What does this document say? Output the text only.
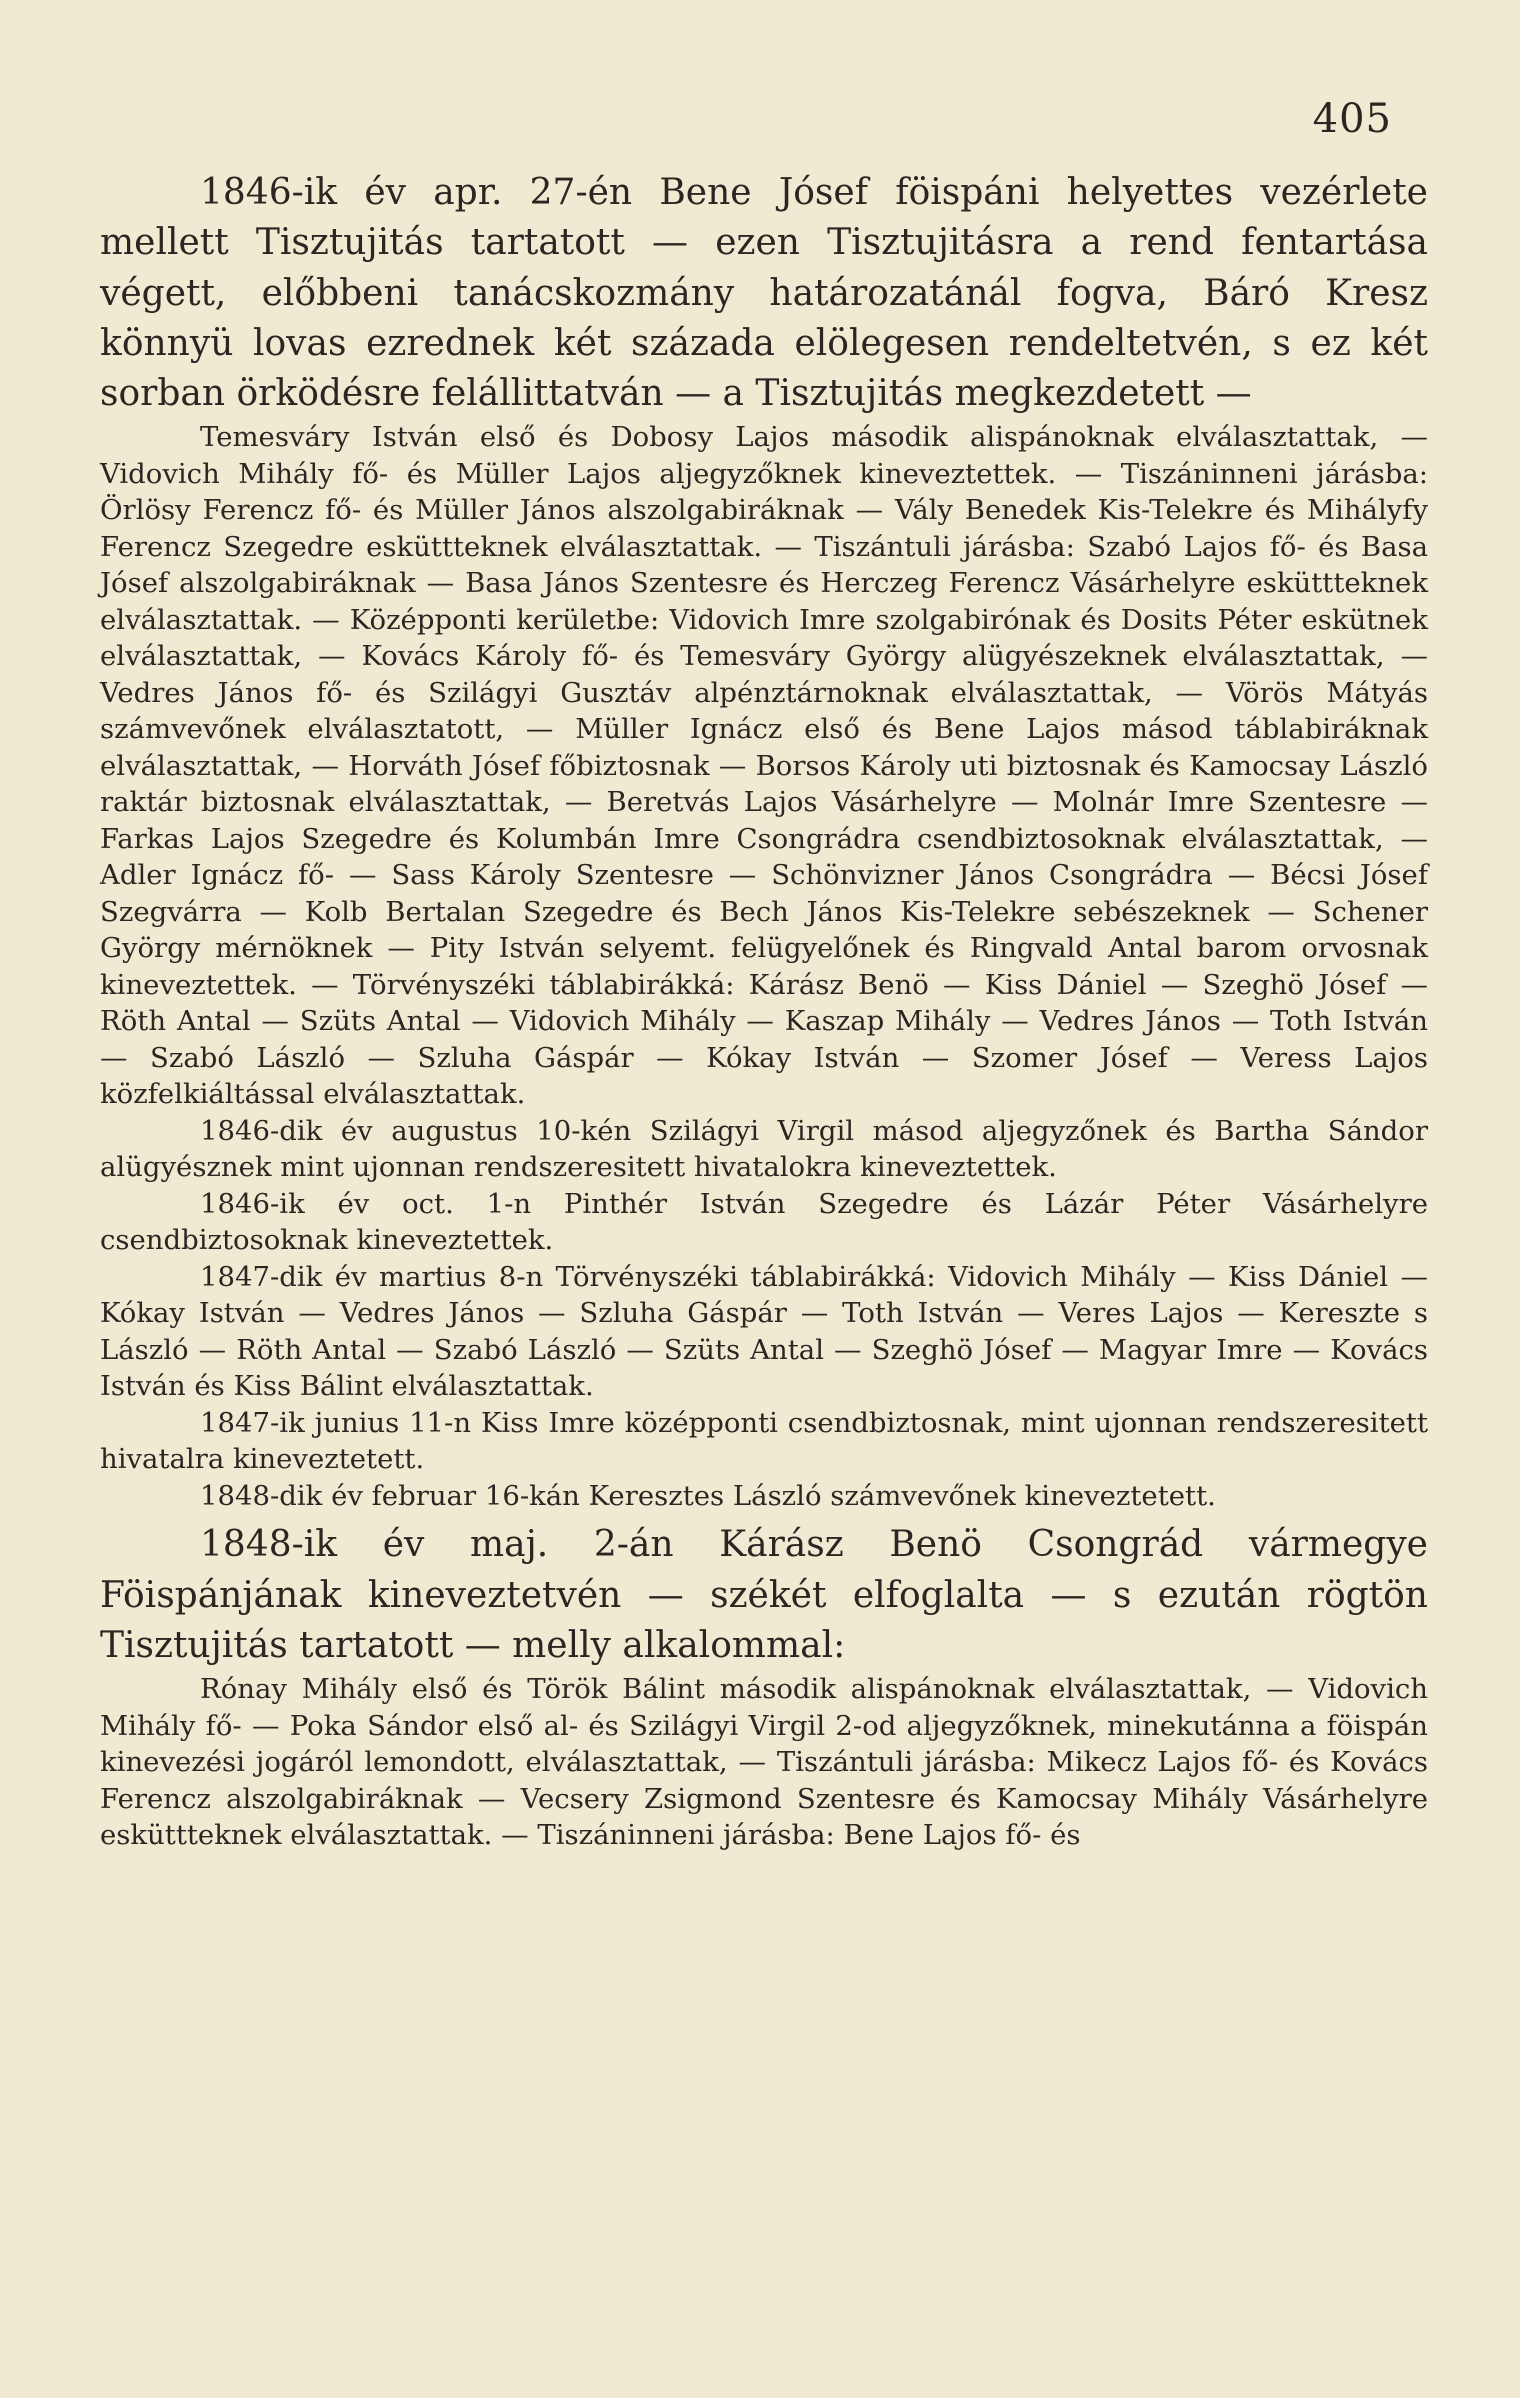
405

1846-ik év apr. 27-én Bene Jósef föispáni helyettes vezérlete mellett Tisztujitás tartatott — ezen Tisztujitásra a rend fentartása végett, előbbeni tanácskozmány határozatánál fogva, Báró Kresz könnyü lovas ezrednek két százada elölegesen rendeltetvén, s ez két sorban örködésre felállittatván — a Tisztujitás megkezdetett —

Temesváry István első és Dobosy Lajos második alispánoknak elválasztattak, — Vidovich Mihály fő- és Müller Lajos aljegyzőknek kineveztettek. — Tiszáninneni járásba: Örlösy Ferencz fő- és Müller János alszolgabiráknak — Vály Benedek Kis-Telekre és Mihályfy Ferencz Szegedre esküttteknek elválasztattak. — Tiszántuli járásba: Szabó Lajos fő- és Basa Jósef alszolgabiráknak — Basa János Szentesre és Herczeg Ferencz Vásárhelyre esküttteknek elválasztattak. — Középponti kerületbe: Vidovich Imre szolgabirónak és Dosits Péter eskütnek elválasztattak, — Kovács Károly fő- és Temesváry György alügyészeknek elválasztattak, — Vedres János fő- és Szilágyi Gusztáv alpénztárnoknak elválasztattak, — Vörös Mátyás számvevőnek elválasztatott, — Müller Ignácz első és Bene Lajos másod táblabiráknak elválasztattak, — Horváth Jósef főbiztosnak — Borsos Károly uti biztosnak és Kamocsay László raktár biztosnak elválasztattak, — Beretvás Lajos Vásárhelyre — Molnár Imre Szentesre — Farkas Lajos Szegedre és Kolumbán Imre Csongrádra csendbiztosoknak elválasztattak, — Adler Ignácz fő- — Sass Károly Szentesre — Schönvizner János Csongrádra — Bécsi Jósef Szegvárra — Kolb Bertalan Szegedre és Bech János Kis-Telekre sebészeknek — Schener György mérnöknek — Pity István selyemt. felügyelőnek és Ringvald Antal barom orvosnak kineveztettek. — Törvényszéki táblabirákká: Kárász Benö — Kiss Dániel — Szeghö Jósef — Röth Antal — Szüts Antal — Vidovich Mihály — Kaszap Mihály — Vedres János — Toth István — Szabó László — Szluha Gáspár — Kókay István — Szomer Jósef — Veress Lajos közfelkiáltással elválasztattak.

1846-dik év augustus 10-kén Szilágyi Virgil másod aljegyzőnek és Bartha Sándor alügyésznek mint ujonnan rendszeresitett hivatalokra kineveztettek.

1846-ik év oct. 1-n Pinthér István Szegedre és Lázár Péter Vásárhelyre csendbiztosoknak kineveztettek.

1847-dik év martius 8-n Törvényszéki táblabirákká: Vidovich Mihály — Kiss Dániel — Kókay István — Vedres János — Szluha Gáspár — Toth István — Veres Lajos — Kereszte s László — Röth Antal — Szabó László — Szüts Antal — Szeghö Jósef — Magyar Imre — Kovács István és Kiss Bálint elválasztattak.

1847-ik junius 11-n Kiss Imre középponti csendbiztosnak, mint ujonnan rendszeresitett hivatalra kineveztetett.

1848-dik év februar 16-kán Keresztes László számvevőnek kineveztetett.

1848-ik év maj. 2-án Kárász Benö Csongrád vármegye Föispánjának kineveztetvén — székét elfoglalta — s ezután rögtön Tisztujitás tartatott — melly alkalommal:

Rónay Mihály első és Török Bálint második alispánoknak elválasztattak, — Vidovich Mihály fő- — Poka Sándor első al- és Szilágyi Virgil 2-od aljegyzőknek, minekutánna a föispán kinevezési jogáról lemondott, elválasztattak, — Tiszántuli járásba: Mikecz Lajos fő- és Kovács Ferencz alszolgabiráknak — Vecsery Zsigmond Szentesre és Kamocsay Mihály Vásárhelyre esküttteknek elválasztattak. — Tiszáninneni járásba: Bene Lajos fő- és
